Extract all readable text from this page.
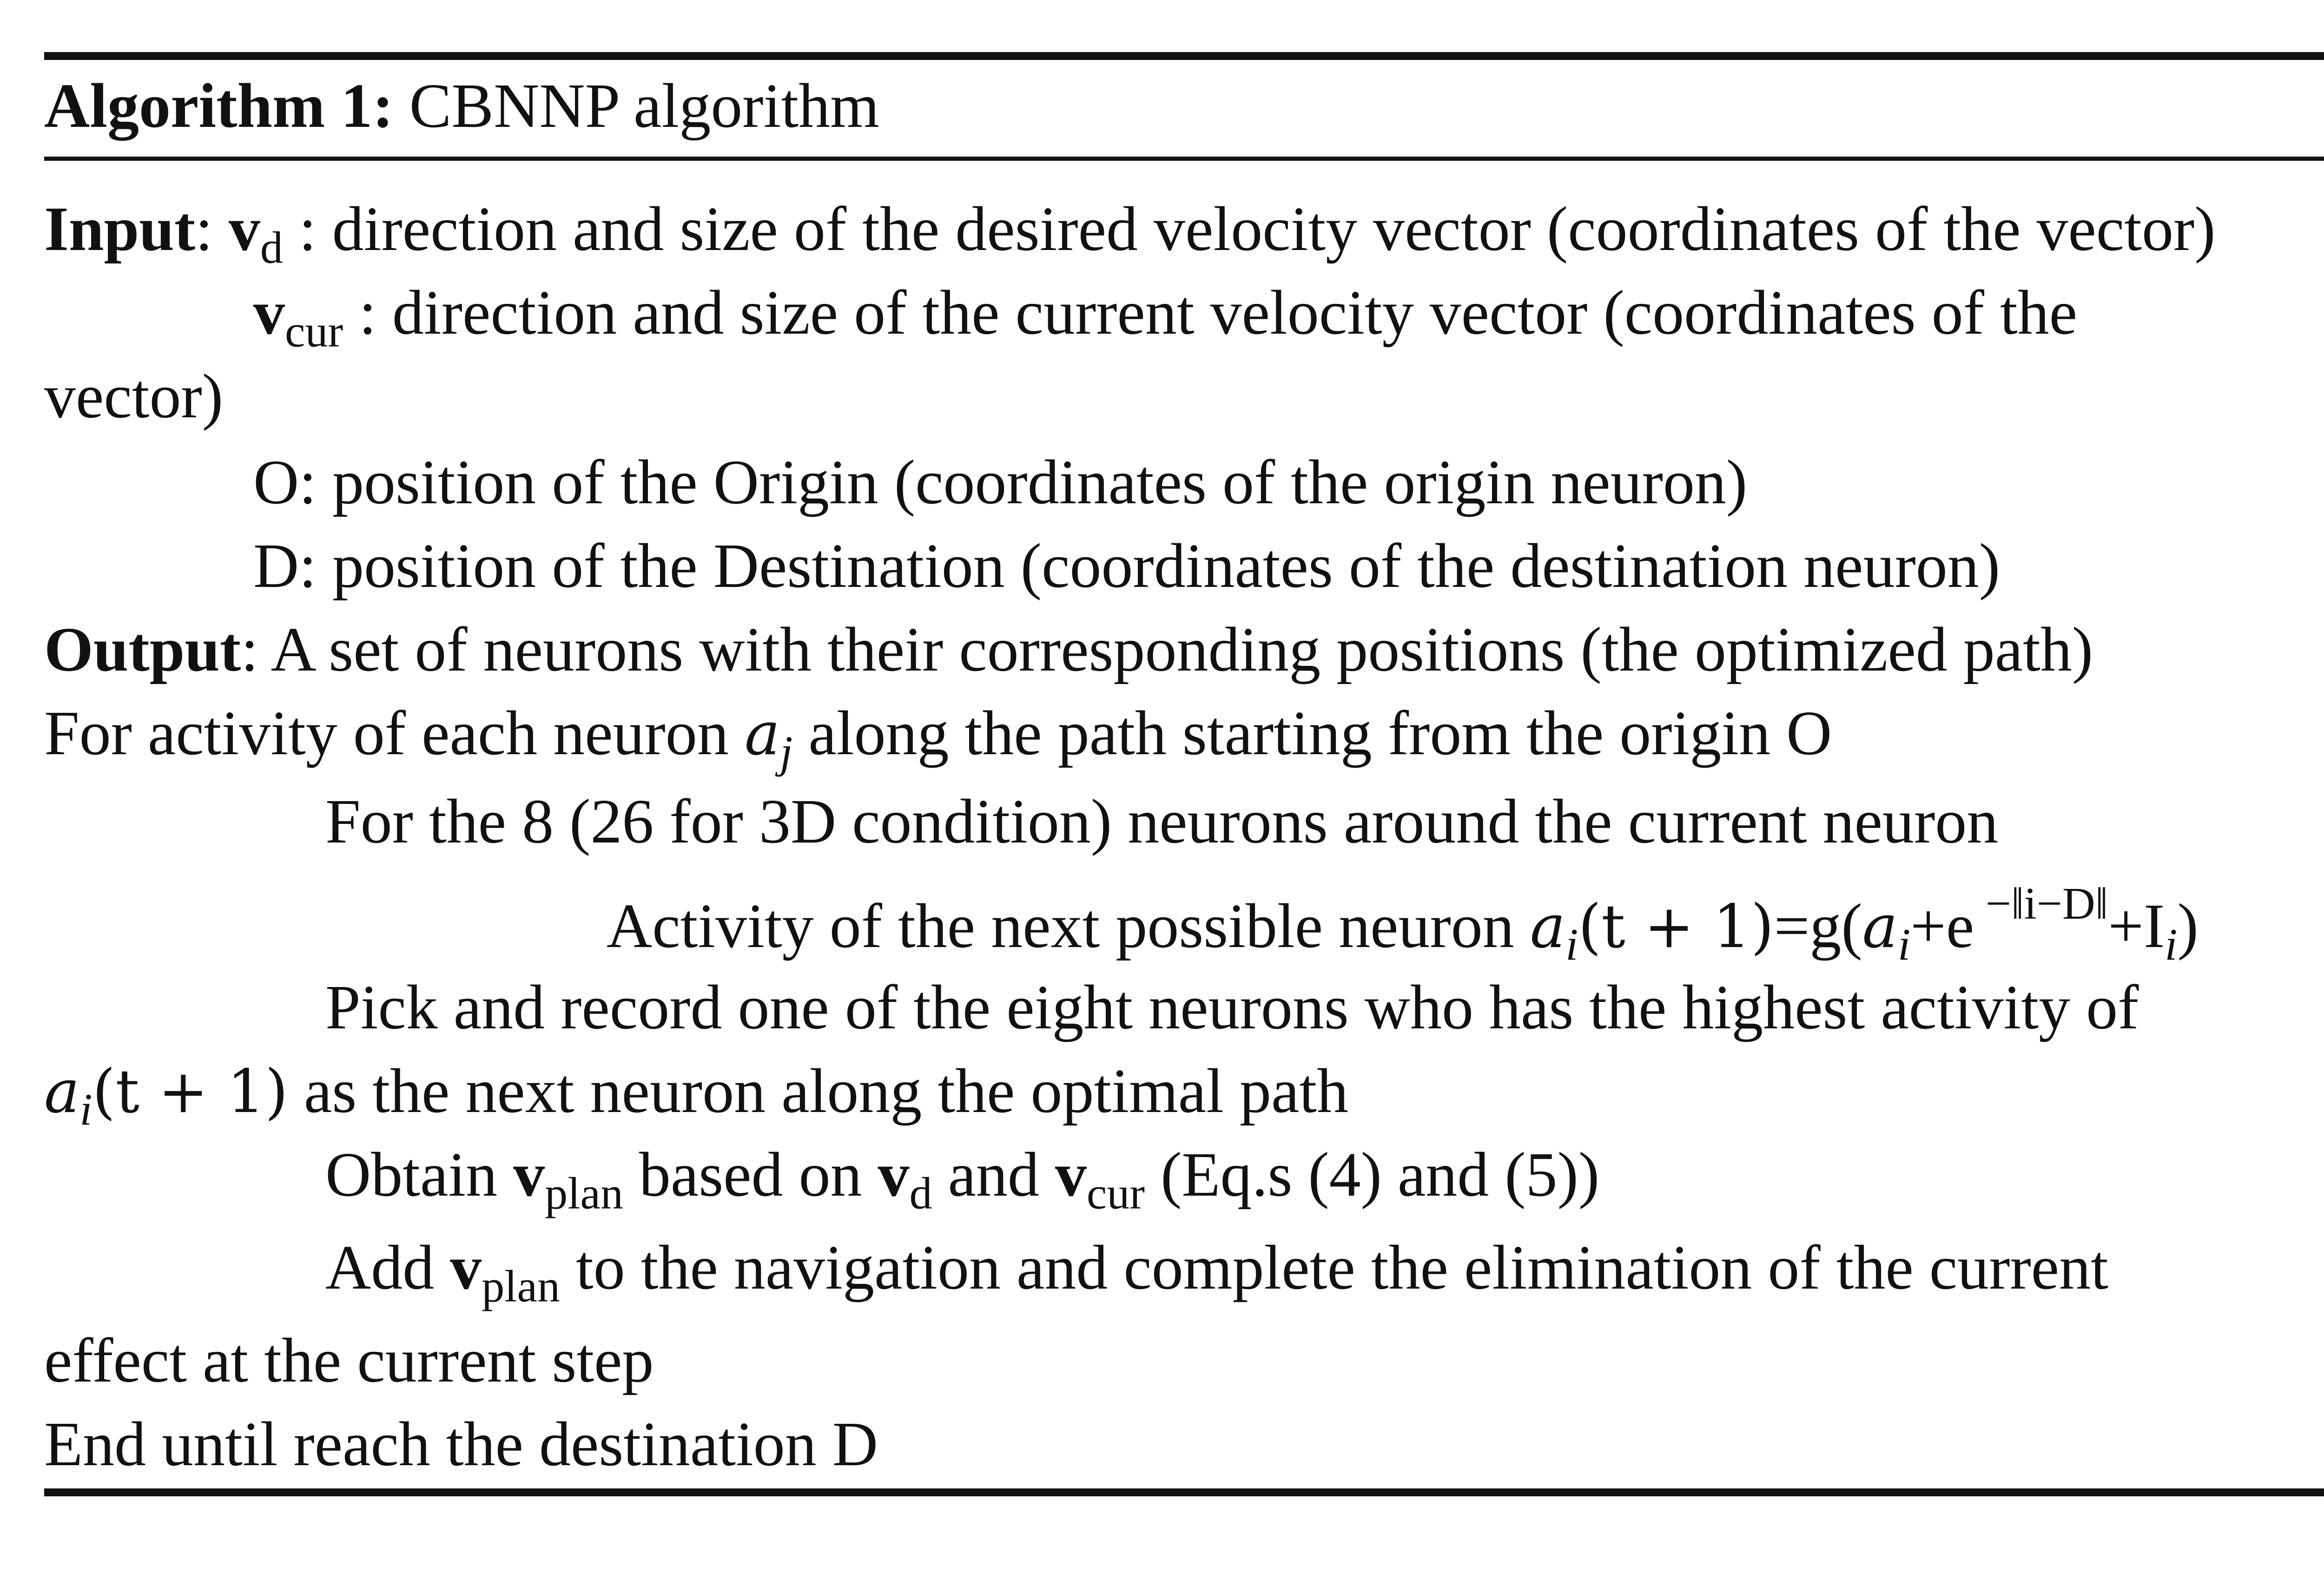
Algorithm 1: CBNNP algorithm
Input: $v_d$ : direction and size of the desired velocity vector (coordinates of the vector)
$v_{cur}$ : direction and size of the current velocity vector (coordinates of the
vector)
O: position of the Origin (coordinates of the origin neuron)
D: position of the Destination (coordinates of the destination neuron)
Output: A set of neurons with their corresponding positions (the optimized path)
For activity of each neuron $a_j$ along the path starting from the origin O
For the 8 (26 for 3D condition) neurons around the current neuron
Activity of the next possible neuron $a_i(t + 1)=g(a_i+e$ $^{-‖i-D‖}+I_i$)
Pick and record one of the eight neurons who has the highest activity of
$a_i(t + 1)$ as the next neuron along the optimal path
Obtain $v_{plan}$ based on $v_d$ and $v_{cur}$ (Eq.s (4) and (5))
Add $v_{plan}$ to the navigation and complete the elimination of the current
effect at the current step
End until reach the destination D
